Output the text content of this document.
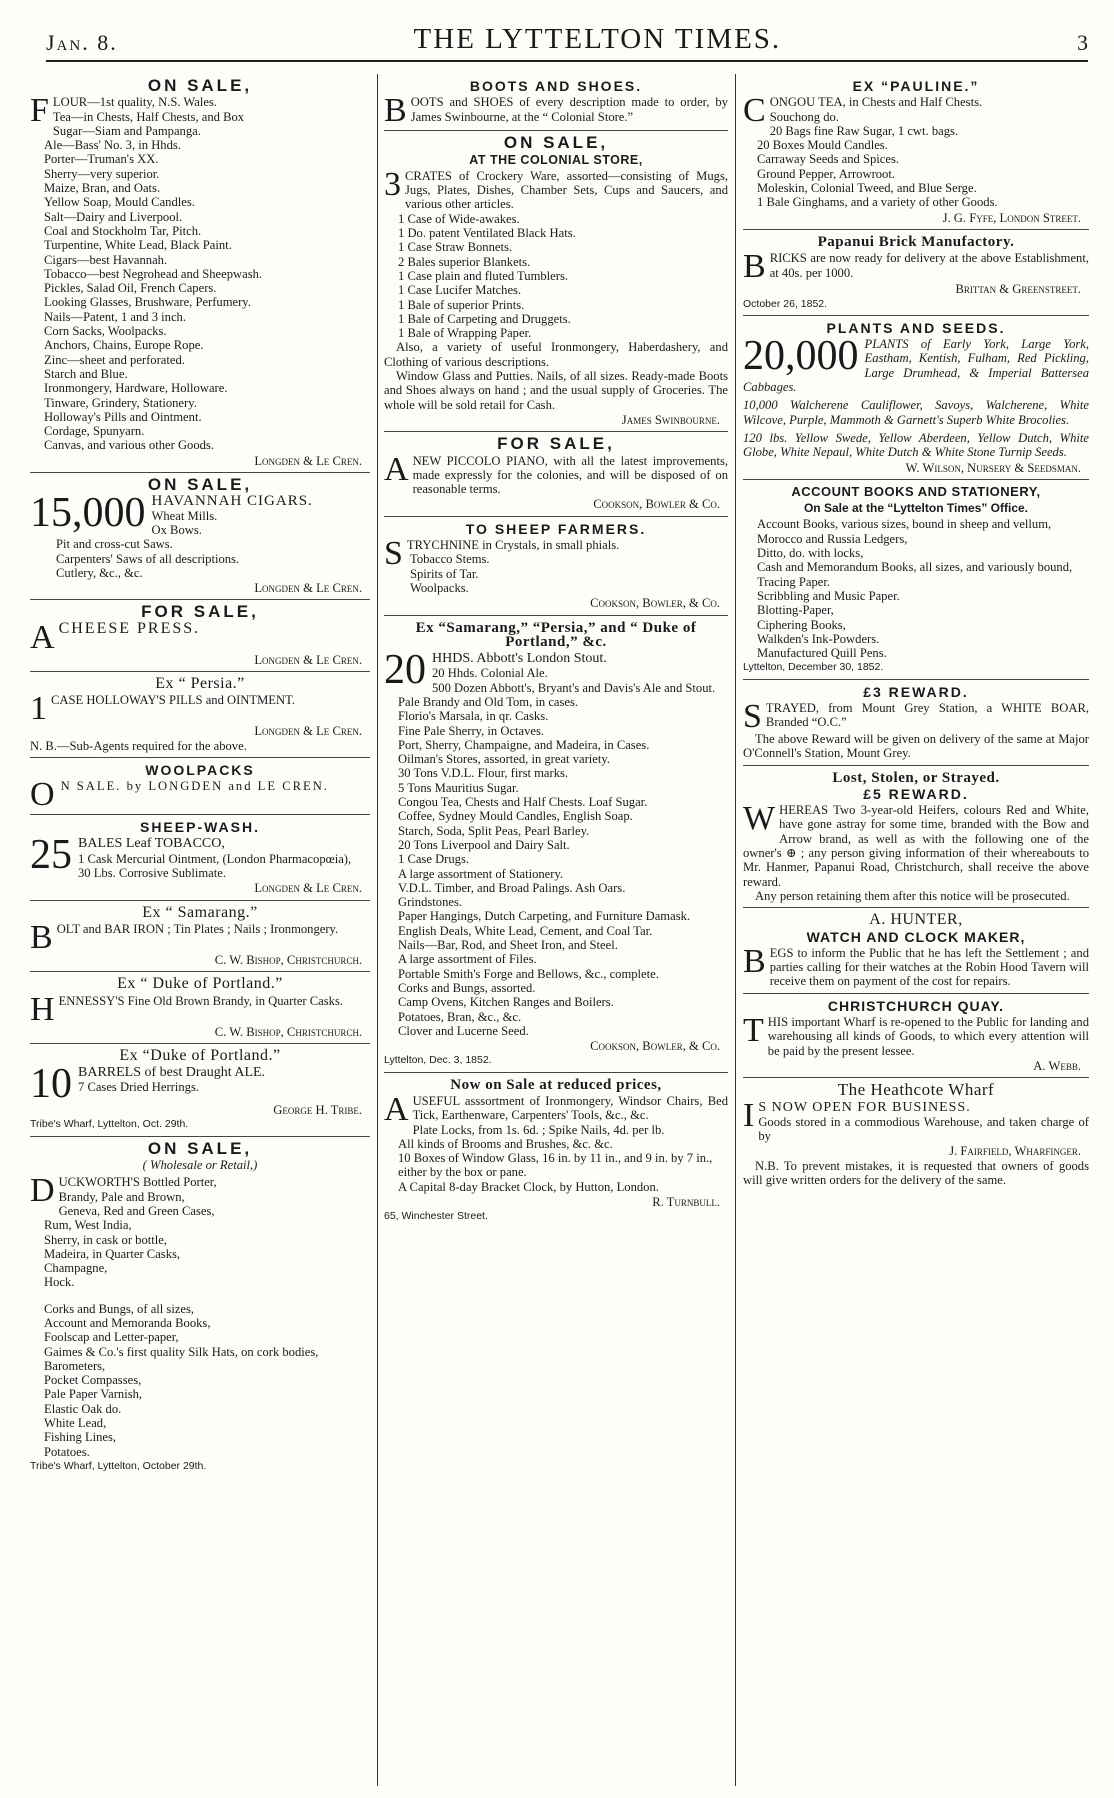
Jan. 8.	THE LYTTELTON TIMES.	3
ON SALE,
FLOUR—1st quality, N.S. Wales.
Tea—in Chests, Half Chests, and Box
Sugar—Siam and Pampanga.
Ale—Bass' No. 3, in Hhds.
Porter—Truman's XX.
Sherry—very superior.
Maize, Bran, and Oats.
Yellow Soap, Mould Candles.
Salt—Dairy and Liverpool.
Coal and Stockholm Tar, Pitch.
Turpentine, White Lead, Black Paint.
Cigars—best Havannah.
Tobacco—best Negrohead and Sheepwash.
Pickles, Salad Oil, French Capers.
Looking Glasses, Brushware, Perfumery.
Nails—Patent, 1 and 3 inch.
Corn Sacks, Woolpacks.
Anchors, Chains, Europe Rope.
Zinc—sheet and perforated.
Starch and Blue.
Ironmongery, Hardware, Holloware.
Tinware, Grindery, Stationery.
Holloway's Pills and Ointment.
Cordage, Spunyarn.
Canvas, and various other Goods.
Longden & Le Cren.
ON SALE,
15,000 HAVANNAH CIGARS.
Wheat Mills.
Ox Bows.
Pit and cross-cut Saws.
Carpenters' Saws of all descriptions.
Cutlery, &c., &c.
Longden & Le Cren.
FOR SALE,
ACHEESE PRESS.
Longden & Le Cren.
Ex “ Persia.”
1 CASE HOLLOWAY'S PILLS and OINTMENT.
Longden & Le Cren.
N. B.—Sub-Agents required for the above.
WOOLPACKS
O N SALE. by LONGDEN and LE CREN.
SHEEP-WASH.
25 BALES Leaf TOBACCO,
1 Cask Mercurial Ointment, (London Pharmacopœia),
30 Lbs. Corrosive Sublimate.
Longden & Le Cren.
Ex “ Samarang.”
BOLT and BAR IRON ; Tin Plates ; Nails ; Ironmongery.
C. W. Bishop, Christchurch.
Ex “ Duke of Portland.”
HENNESSY'S Fine Old Brown Brandy, in Quarter Casks.
C. W. Bishop, Christchurch.
Ex “Duke of Portland.”
10 BARRELS of best Draught ALE.
7 Cases Dried Herrings.
George H. Tribe.
Tribe's Wharf, Lyttelton, Oct. 29th.
ON SALE,
( Wholesale or Retail,)
DUCKWORTH'S Bottled Porter,
Brandy, Pale and Brown,
Geneva, Red and Green Cases,
Rum, West India,
Sherry, in cask or bottle,
Madeira, in Quarter Casks,
Champagne,
Hock.
Corks and Bungs, of all sizes,
Account and Memoranda Books,
Foolscap and Letter-paper,
Gaimes & Co.'s first quality Silk Hats, on cork bodies,
Barometers,
Pocket Compasses,
Pale Paper Varnish,
Elastic Oak do.
White Lead,
Fishing Lines,
Potatoes.
Tribe's Wharf, Lyttelton, October 29th.
BOOTS AND SHOES.
BOOTS and SHOES of every description made to order, by James Swinbourne, at the “ Colonial Store.”
ON SALE,
AT THE COLONIAL STORE,
3 CRATES of Crockery Ware, assorted—consisting of Mugs, Jugs, Plates, Dishes, Chamber Sets, Cups and Saucers, and various other articles.
1 Case of Wide-awakes.
1 Do. patent Ventilated Black Hats.
1 Case Straw Bonnets.
2 Bales superior Blankets.
1 Case plain and fluted Tumblers.
1 Case Lucifer Matches.
1 Bale of superior Prints.
1 Bale of Carpeting and Druggets.
1 Bale of Wrapping Paper.
Also, a variety of useful Ironmongery, Haberdashery, and Clothing of various descriptions.
Window Glass and Putties. Nails, of all sizes. Ready-made Boots and Shoes always on hand ; and the usual supply of Groceries. The whole will be sold retail for Cash.
James Swinbourne.
FOR SALE,
ANEW PICCOLO PIANO, with all the latest improvements, made expressly for the colonies, and will be disposed of on reasonable terms.
Cookson, Bowler & Co.
TO SHEEP FARMERS.
STRYCHNINE in Crystals, in small phials.
Tobacco Stems.
Spirits of Tar.
Woolpacks.
Cookson, Bowler, & Co.
Ex “Samarang,” “Persia,” and “ Duke of Portland,” &c.
20 HHDS. Abbott's London Stout.
20 Hhds. Colonial Ale.
500 Dozen Abbott's, Bryant's and Davis's Ale and Stout.
Pale Brandy and Old Tom, in cases.
Florio's Marsala, in qr. Casks.
Fine Pale Sherry, in Octaves.
Port, Sherry, Champaigne, and Madeira, in Cases.
Oilman's Stores, assorted, in great variety.
30 Tons V.D.L. Flour, first marks.
5 Tons Mauritius Sugar.
Congou Tea, Chests and Half Chests. Loaf Sugar.
Coffee, Sydney Mould Candles, English Soap.
Starch, Soda, Split Peas, Pearl Barley.
20 Tons Liverpool and Dairy Salt.
1 Case Drugs.
A large assortment of Stationery.
V.D.L. Timber, and Broad Palings. Ash Oars.
Grindstones.
Paper Hangings, Dutch Carpeting, and Furniture Damask.
English Deals, White Lead, Cement, and Coal Tar.
Nails—Bar, Rod, and Sheet Iron, and Steel.
A large assortment of Files.
Portable Smith's Forge and Bellows, &c., complete.
Corks and Bungs, assorted.
Camp Ovens, Kitchen Ranges and Boilers.
Potatoes, Bran, &c., &c.
Clover and Lucerne Seed.
Cookson, Bowler, & Co.
Lyttelton, Dec. 3, 1852.
Now on Sale at reduced prices,
AUSEFUL asssortment of Ironmongery, Windsor Chairs, Bed Tick, Earthenware, Carpenters' Tools, &c., &c.
Plate Locks, from 1s. 6d. ; Spike Nails, 4d. per lb.
All kinds of Brooms and Brushes, &c. &c.
10 Boxes of Window Glass, 16 in. by 11 in., and 9 in. by 7 in., either by the box or pane.
A Capital 8-day Bracket Clock, by Hutton, London.
R. Turnbull.
65, Winchester Street.
EX “PAULINE.”
CONGOU TEA, in Chests and Half Chests.
Souchong do.
20 Bags fine Raw Sugar, 1 cwt. bags.
20 Boxes Mould Candles.
Carraway Seeds and Spices.
Ground Pepper, Arrowroot.
Moleskin, Colonial Tweed, and Blue Serge.
1 Bale Ginghams, and a variety of other Goods.
J. G. Fyfe, London Street.
Papanui Brick Manufactory.
BRICKS are now ready for delivery at the above Establishment, at 40s. per 1000.
Brittan & Greenstreet.
October 26, 1852.
PLANTS AND SEEDS.
20,000 PLANTS of Early York, Large York, Eastham, Kentish, Fulham, Red Pickling, Large Drumhead, & Imperial Battersea Cabbages.
10,000 Walcherene Cauliflower, Savoys, Walcherene, White Wilcove, Purple, Mammoth & Garnett's Superb White Brocolies.
120 lbs. Yellow Swede, Yellow Aberdeen, Yellow Dutch, White Globe, White Nepaul, White Dutch & White Stone Turnip Seeds.
W. Wilson, Nursery & Seedsman.
ACCOUNT BOOKS AND STATIONERY,
On Sale at the “Lyttelton Times” Office.
Account Books, various sizes, bound in sheep and vellum,
Morocco and Russia Ledgers,
Ditto, do. with locks,
Cash and Memorandum Books, all sizes, and variously bound,
Tracing Paper.
Scribbling and Music Paper.
Blotting-Paper,
Ciphering Books,
Walkden's Ink-Powders.
Manufactured Quill Pens.
Lyttelton, December 30, 1852.
£3 REWARD.
STRAYED, from Mount Grey Station, a WHITE BOAR, Branded “O.C.”
The above Reward will be given on delivery of the same at Major O'Connell's Station, Mount Grey.
Lost, Stolen, or Strayed.
£5 REWARD.
WHEREAS Two 3-year-old Heifers, colours Red and White, have gone astray for some time, branded with the Bow and Arrow brand, as well as with the following one of the owner's ⊕ ; any person giving information of their whereabouts to Mr. Hanmer, Papanui Road, Christchurch, shall receive the above reward.
Any person retaining them after this notice will be prosecuted.
A. HUNTER,
WATCH AND CLOCK MAKER,
BEGS to inform the Public that he has left the Settlement ; and parties calling for their watches at the Robin Hood Tavern will receive them on payment of the cost for repairs.
CHRISTCHURCH QUAY.
THIS important Wharf is re-opened to the Public for landing and warehousing all kinds of Goods, to which every attention will be paid by the present lessee.
A. Webb.
The Heathcote Wharf
I S NOW OPEN FOR BUSINESS.
Goods stored in a commodious Warehouse, and taken charge of by
J. Fairfield, Wharfinger.
N.B. To prevent mistakes, it is requested that owners of goods will give written orders for the delivery of the same.
